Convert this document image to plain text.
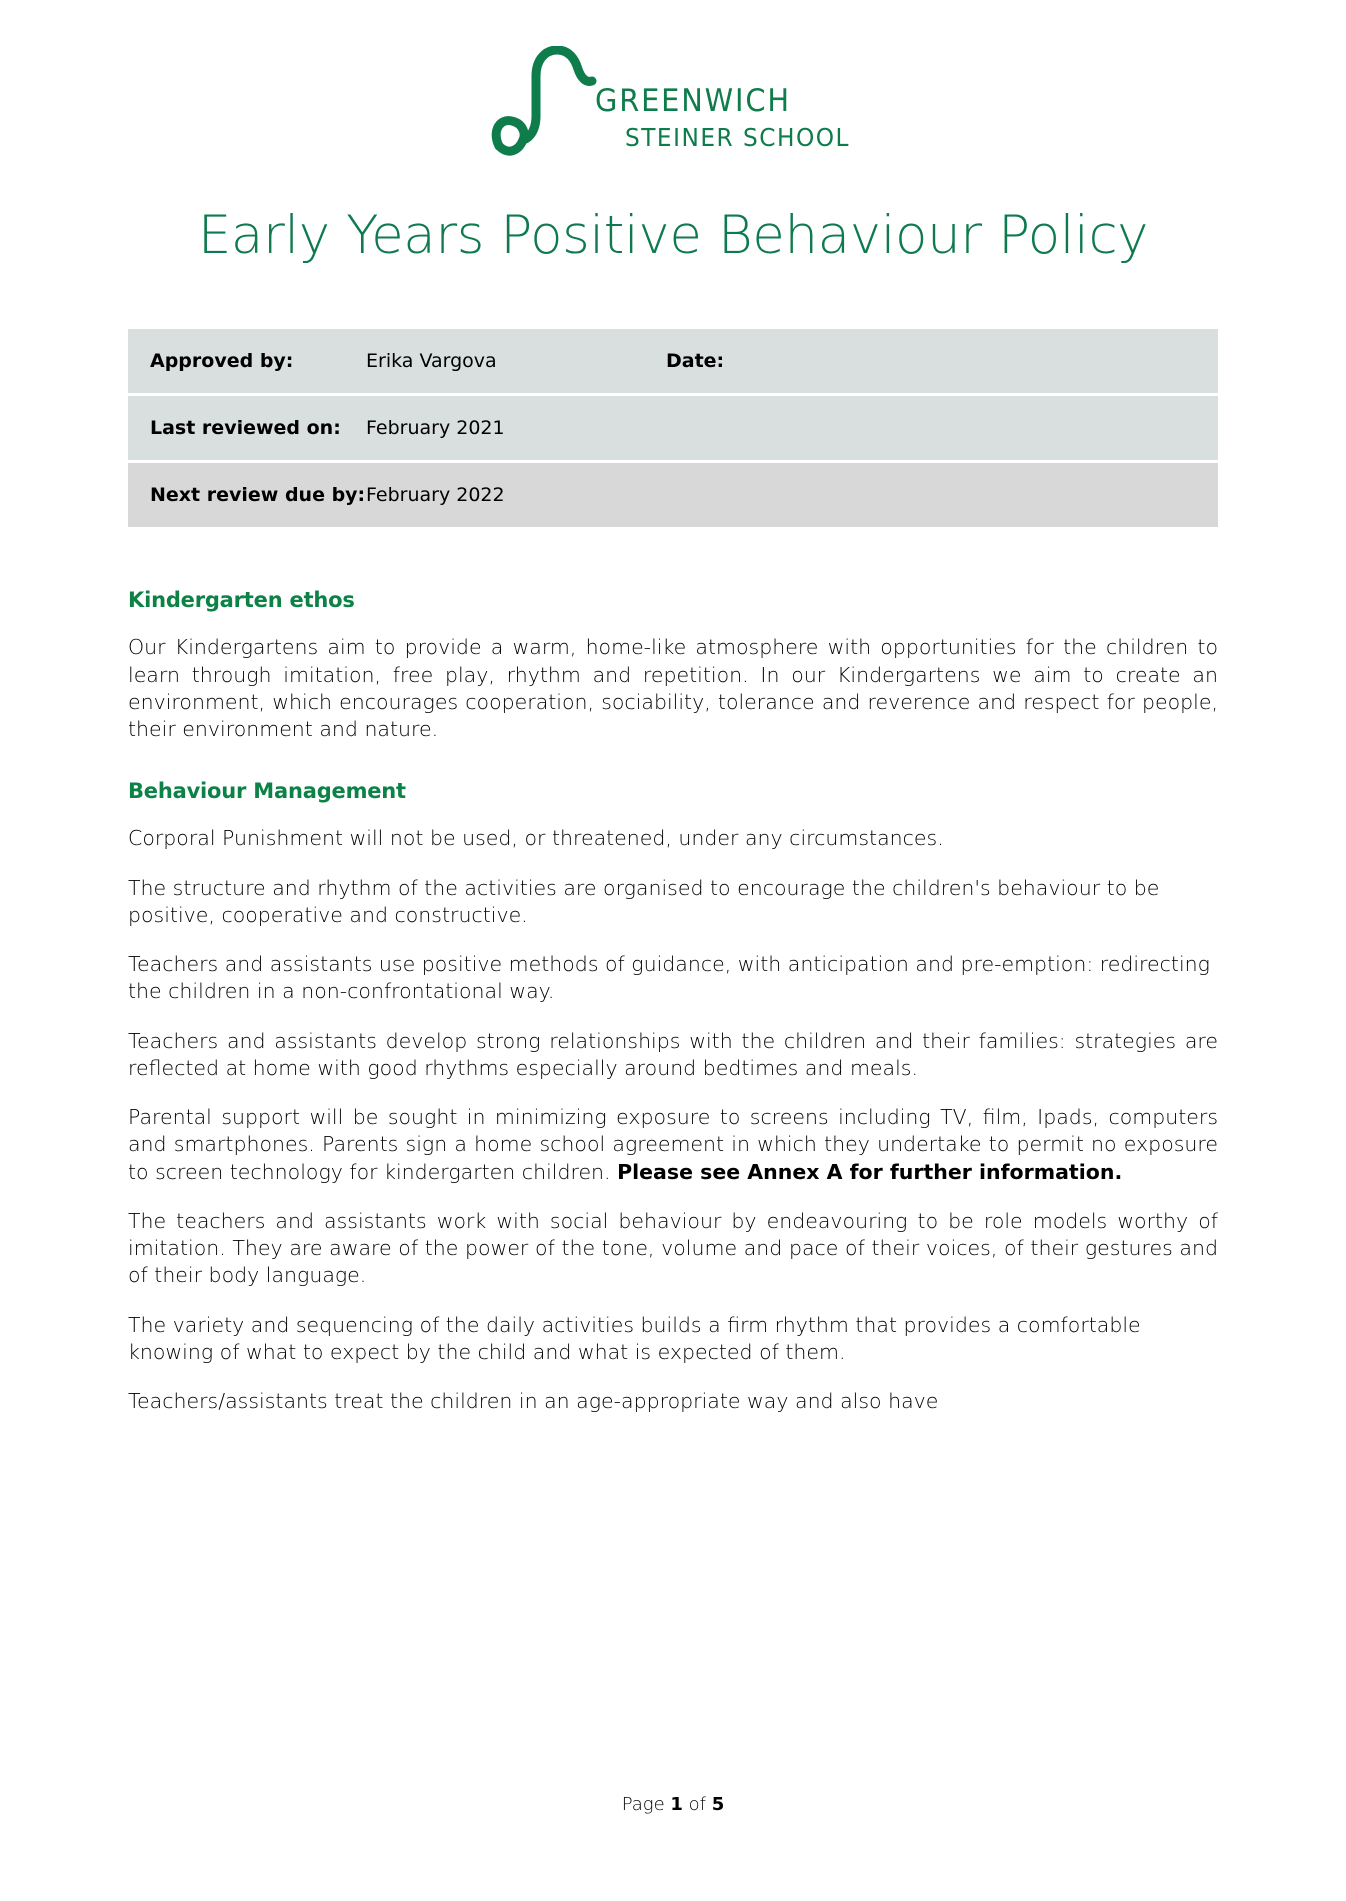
GREENWICH
STEINER SCHOOL
Early Years Positive Behaviour Policy
Approved by:	Erika Vargova	Date:

Last reviewed on:	February 2021

Next review due by: February 2022
Kindergarten ethos

Our Kindergartens aim to provide a warm, home-like atmosphere with opportunities for the children to learn through imitation, free play, rhythm and repetition. In our Kindergartens we aim to create an environment, which encourages cooperation, sociability, tolerance and reverence and respect for people, their environment and nature.

Behaviour Management

Corporal Punishment will not be used, or threatened, under any circumstances.

The structure and rhythm of the activities are organised to encourage the children's behaviour to be positive, cooperative and constructive.

Teachers and assistants use positive methods of guidance, with anticipation and pre-emption: redirecting the children in a non-confrontational way.

Teachers and assistants develop strong relationships with the children and their families: strategies are reflected at home with good rhythms especially around bedtimes and meals.

Parental support will be sought in minimizing exposure to screens including TV, film, Ipads, computers and smartphones. Parents sign a home school agreement in which they undertake to permit no exposure to screen technology for kindergarten children. Please see Annex A for further information.

The teachers and assistants work with social behaviour by endeavouring to be role models worthy of imitation. They are aware of the power of the tone, volume and pace of their voices, of their gestures and of their body language.

The variety and sequencing of the daily activities builds a firm rhythm that provides a comfortable knowing of what to expect by the child and what is expected of them.

Teachers/assistants treat the children in an age-appropriate way and also have

Page 1 of 5
